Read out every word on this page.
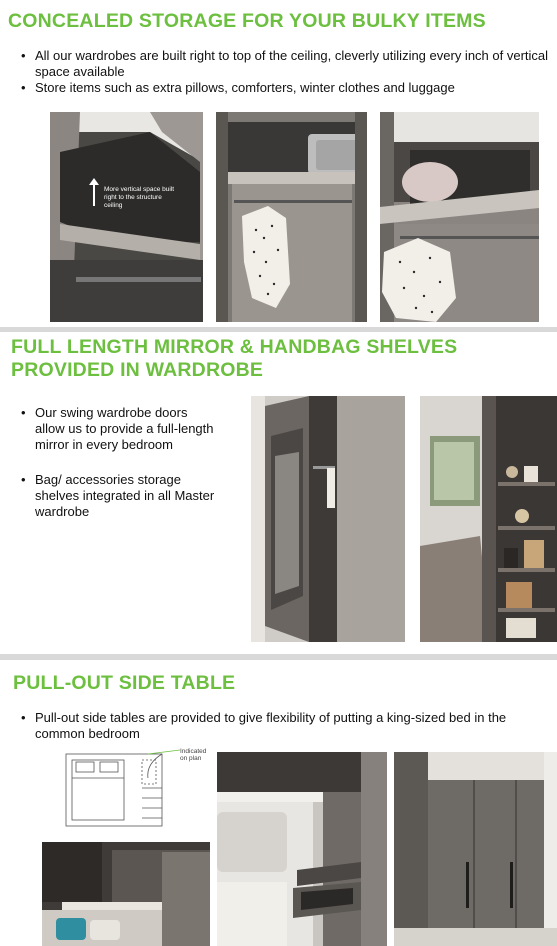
CONCEALED STORAGE FOR YOUR BULKY ITEMS
• All our wardrobes are built right to top of the ceiling, cleverly utilizing every inch of vertical space available
• Store items such as extra pillows, comforters, winter clothes and luggage
More vertical space built right to the structure ceiling
FULL LENGTH MIRROR & HANDBAG SHELVES
PROVIDED IN WARDROBE
• Our swing wardrobe doors allow us to provide a full-length mirror in every bedroom
• Bag/ accessories storage shelves integrated in all Master wardrobe
PULL-OUT SIDE TABLE
• Pull-out side tables are provided to give flexibility of putting a king-sized bed in the common bedroom
Indicated on plan
